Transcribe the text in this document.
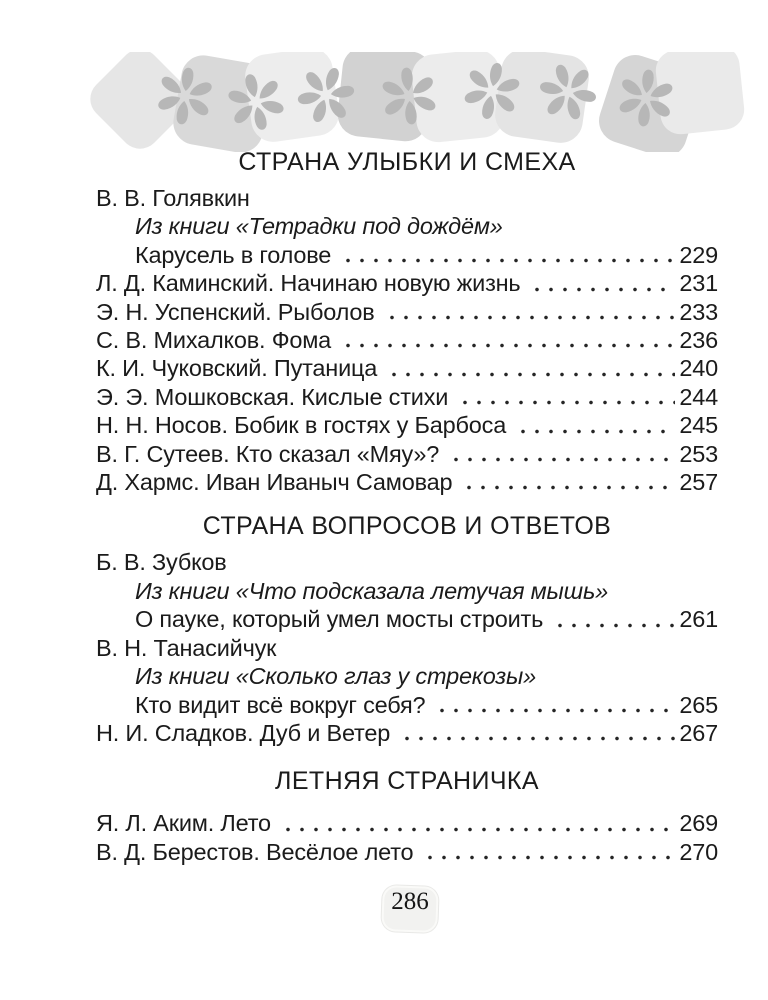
СТРАНА УЛЫБКИ И СМЕХА
В. В. Голявкин
Из книги «Тетрадки под дождём»
Карусель в голове	229
Л. Д. Каминский. Начинаю новую жизнь	231
Э. Н. Успенский. Рыболов	233
С. В. Михалков. Фома	236
К. И. Чуковский. Путаница	240
Э. Э. Мошковская. Кислые стихи	244
Н. Н. Носов. Бобик в гостях у Барбоса	245
В. Г. Сутеев. Кто сказал «Мяу»?	253
Д. Хармс. Иван Иваныч Самовар	257
СТРАНА ВОПРОСОВ И ОТВЕТОВ
Б. В. Зубков
Из книги «Что подсказала летучая мышь»
О пауке, который умел мосты строить	261
В. Н. Танасийчук
Из книги «Сколько глаз у стрекозы»
Кто видит всё вокруг себя?	265
Н. И. Сладков. Дуб и Ветер	267
ЛЕТНЯЯ СТРАНИЧКА
Я. Л. Аким. Лето	269
В. Д. Берестов. Весёлое лето	270
286
